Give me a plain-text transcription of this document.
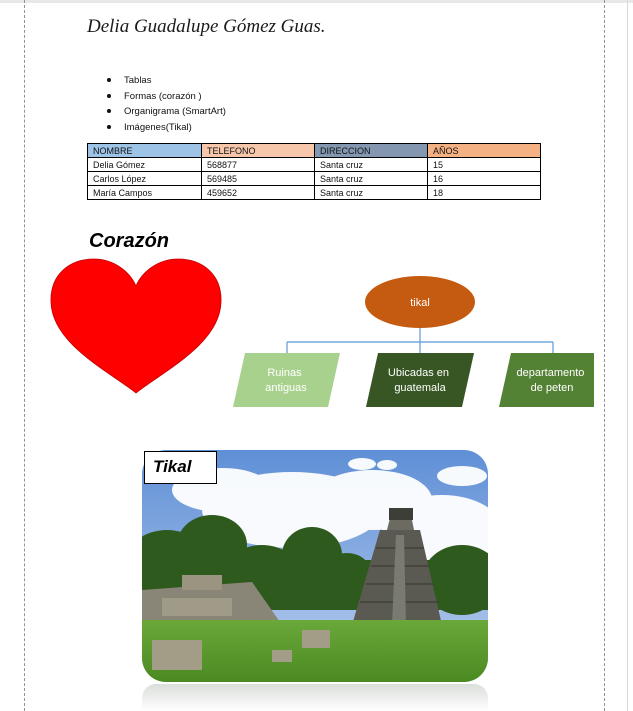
Delia Guadalupe Gómez Guas.
Tablas
Formas (corazón )
Organigrama (SmartArt)
Imágenes(Tikal)
NOMBRE	TELEFONO	DIRECCION	AÑOS
Delia Gómez	568877	Santa cruz	15
Carlos López	569485	Santa cruz	16
María Campos	459652	Santa cruz	18
Corazón
tikal
Ruinas antiguas
Ubicadas en guatemala
departamento de peten
Tikal
